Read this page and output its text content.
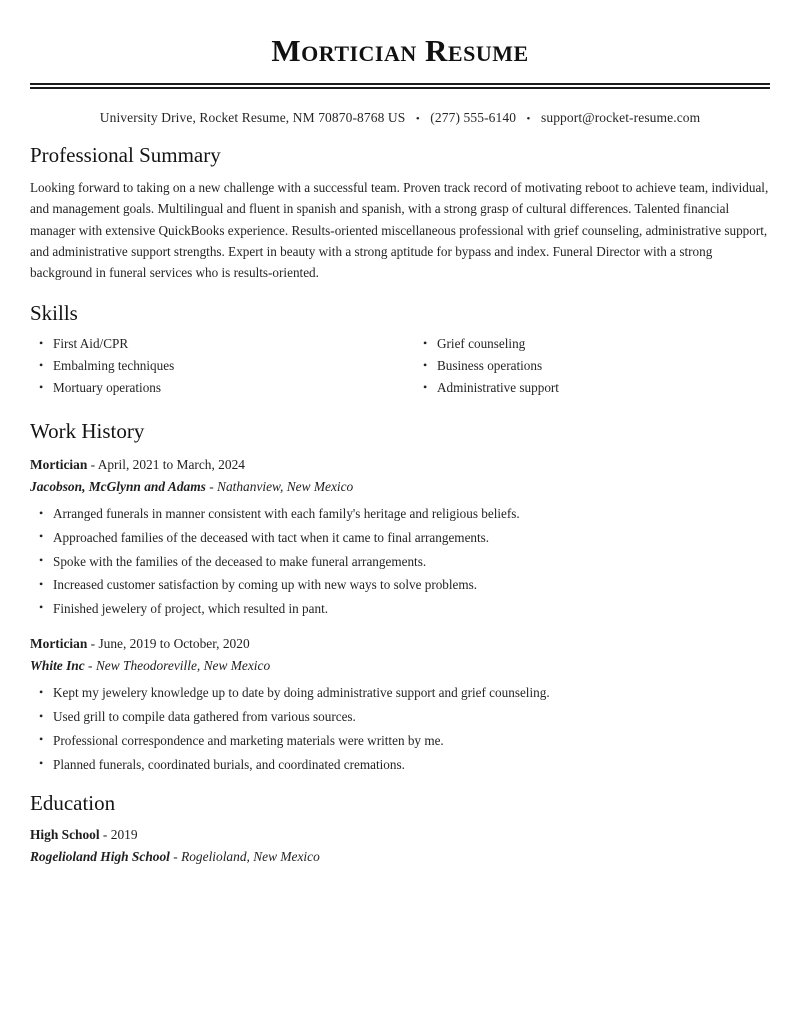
Mortician Resume
University Drive, Rocket Resume, NM 70870-8768 US • (277) 555-6140 • support@rocket-resume.com
Professional Summary

Looking forward to taking on a new challenge with a successful team. Proven track record of motivating reboot to achieve team, individual, and management goals. Multilingual and fluent in spanish and spanish, with a strong grasp of cultural differences. Talented financial manager with extensive QuickBooks experience. Results-oriented miscellaneous professional with grief counseling, administrative support, and administrative support strengths. Expert in beauty with a strong aptitude for bypass and index. Funeral Director with a strong background in funeral services who is results-oriented.

Skills
• First Aid/CPR
• Embalming techniques
• Mortuary operations
• Grief counseling
• Business operations
• Administrative support
Work History
Mortician - April, 2021 to March, 2024
Jacobson, McGlynn and Adams - Nathanview, New Mexico
• Arranged funerals in manner consistent with each family's heritage and religious beliefs.
• Approached families of the deceased with tact when it came to final arrangements.
• Spoke with the families of the deceased to make funeral arrangements.
• Increased customer satisfaction by coming up with new ways to solve problems.
• Finished jewelery of project, which resulted in pant.
Mortician - June, 2019 to October, 2020
White Inc - New Theodoreville, New Mexico
• Kept my jewelery knowledge up to date by doing administrative support and grief counseling.
• Used grill to compile data gathered from various sources.
• Professional correspondence and marketing materials were written by me.
• Planned funerals, coordinated burials, and coordinated cremations.
Education
High School - 2019
Rogelioland High School - Rogelioland, New Mexico
